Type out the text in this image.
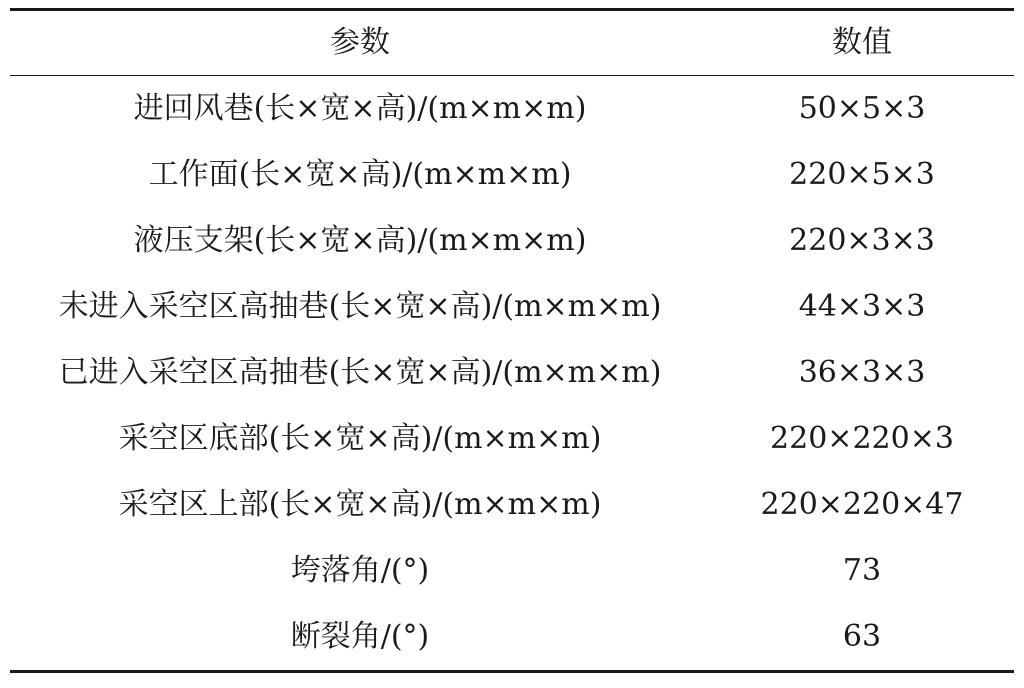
参数	数值
进回风巷(长×宽×高)/(m×m×m)	50×5×3
工作面(长×宽×高)/(m×m×m)	220×5×3
液压支架(长×宽×高)/(m×m×m)	220×3×3
未进入采空区高抽巷(长×宽×高)/(m×m×m)	44×3×3
已进入采空区高抽巷(长×宽×高)/(m×m×m)	36×3×3
采空区底部(长×宽×高)/(m×m×m)	220×220×3
采空区上部(长×宽×高)/(m×m×m)	220×220×47
垮落角/(°)	73
断裂角/(°)	63
